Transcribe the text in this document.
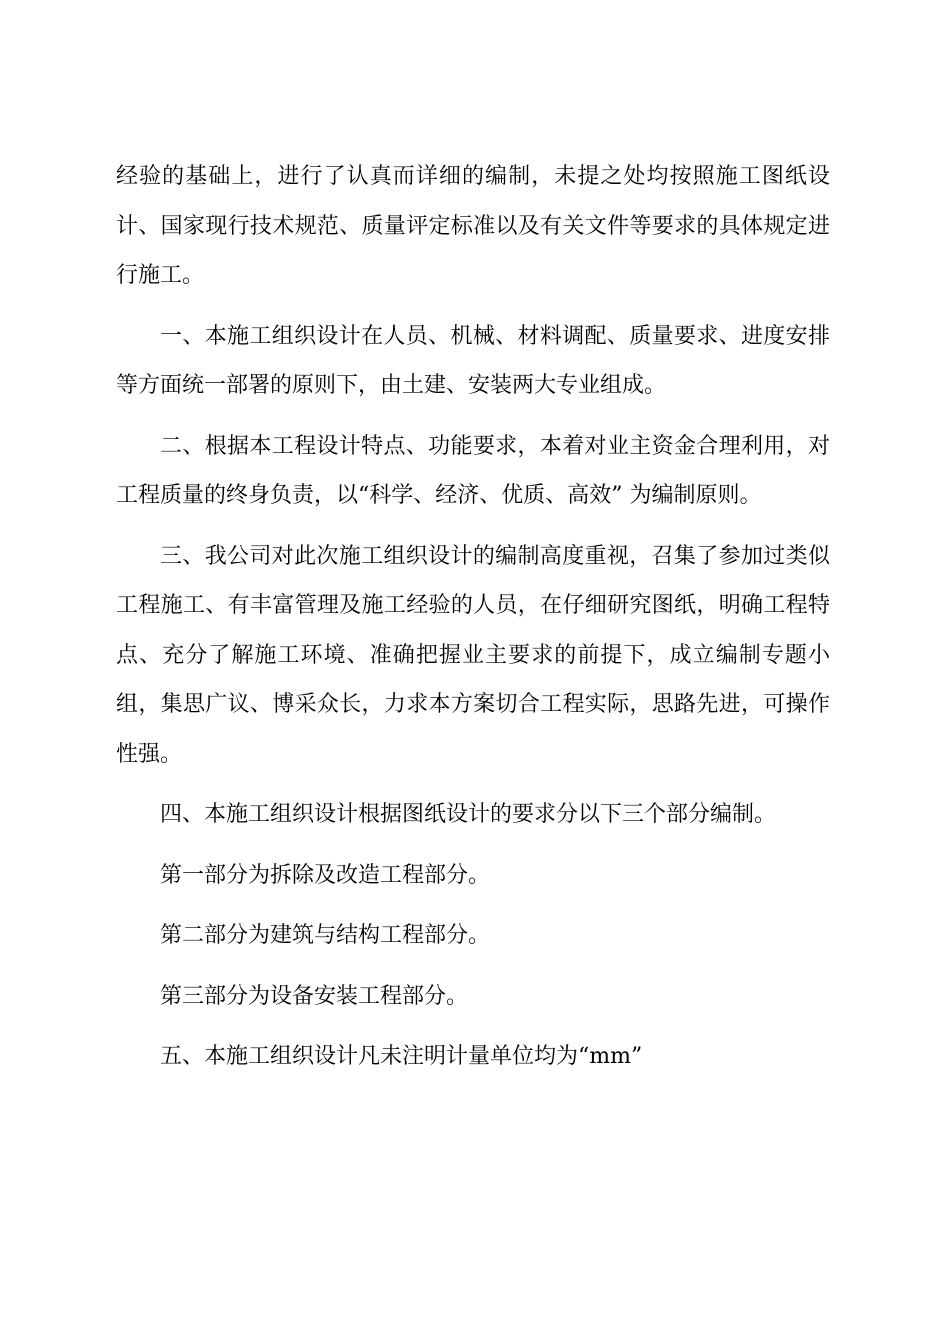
经验的基础上，进行了认真而详细的编制，未提之处均按照施工图纸设计、国家现行技术规范、质量评定标准以及有关文件等要求的具体规定进行施工。

一、本施工组织设计在人员、机械、材料调配、质量要求、进度安排等方面统一部署的原则下，由土建、安装两大专业组成。

二、根据本工程设计特点、功能要求，本着对业主资金合理利用，对工程质量的终身负责，以“科学、经济、优质、高效” 为编制原则。

三、我公司对此次施工组织设计的编制高度重视，召集了参加过类似工程施工、有丰富管理及施工经验的人员，在仔细研究图纸，明确工程特点、充分了解施工环境、准确把握业主要求的前提下，成立编制专题小组，集思广议、博采众长，力求本方案切合工程实际，思路先进，可操作性强。

四、本施工组织设计根据图纸设计的要求分以下三个部分编制。

第一部分为拆除及改造工程部分。

第二部分为建筑与结构工程部分。

第三部分为设备安装工程部分。

五、本施工组织设计凡未注明计量单位均为“mm”
